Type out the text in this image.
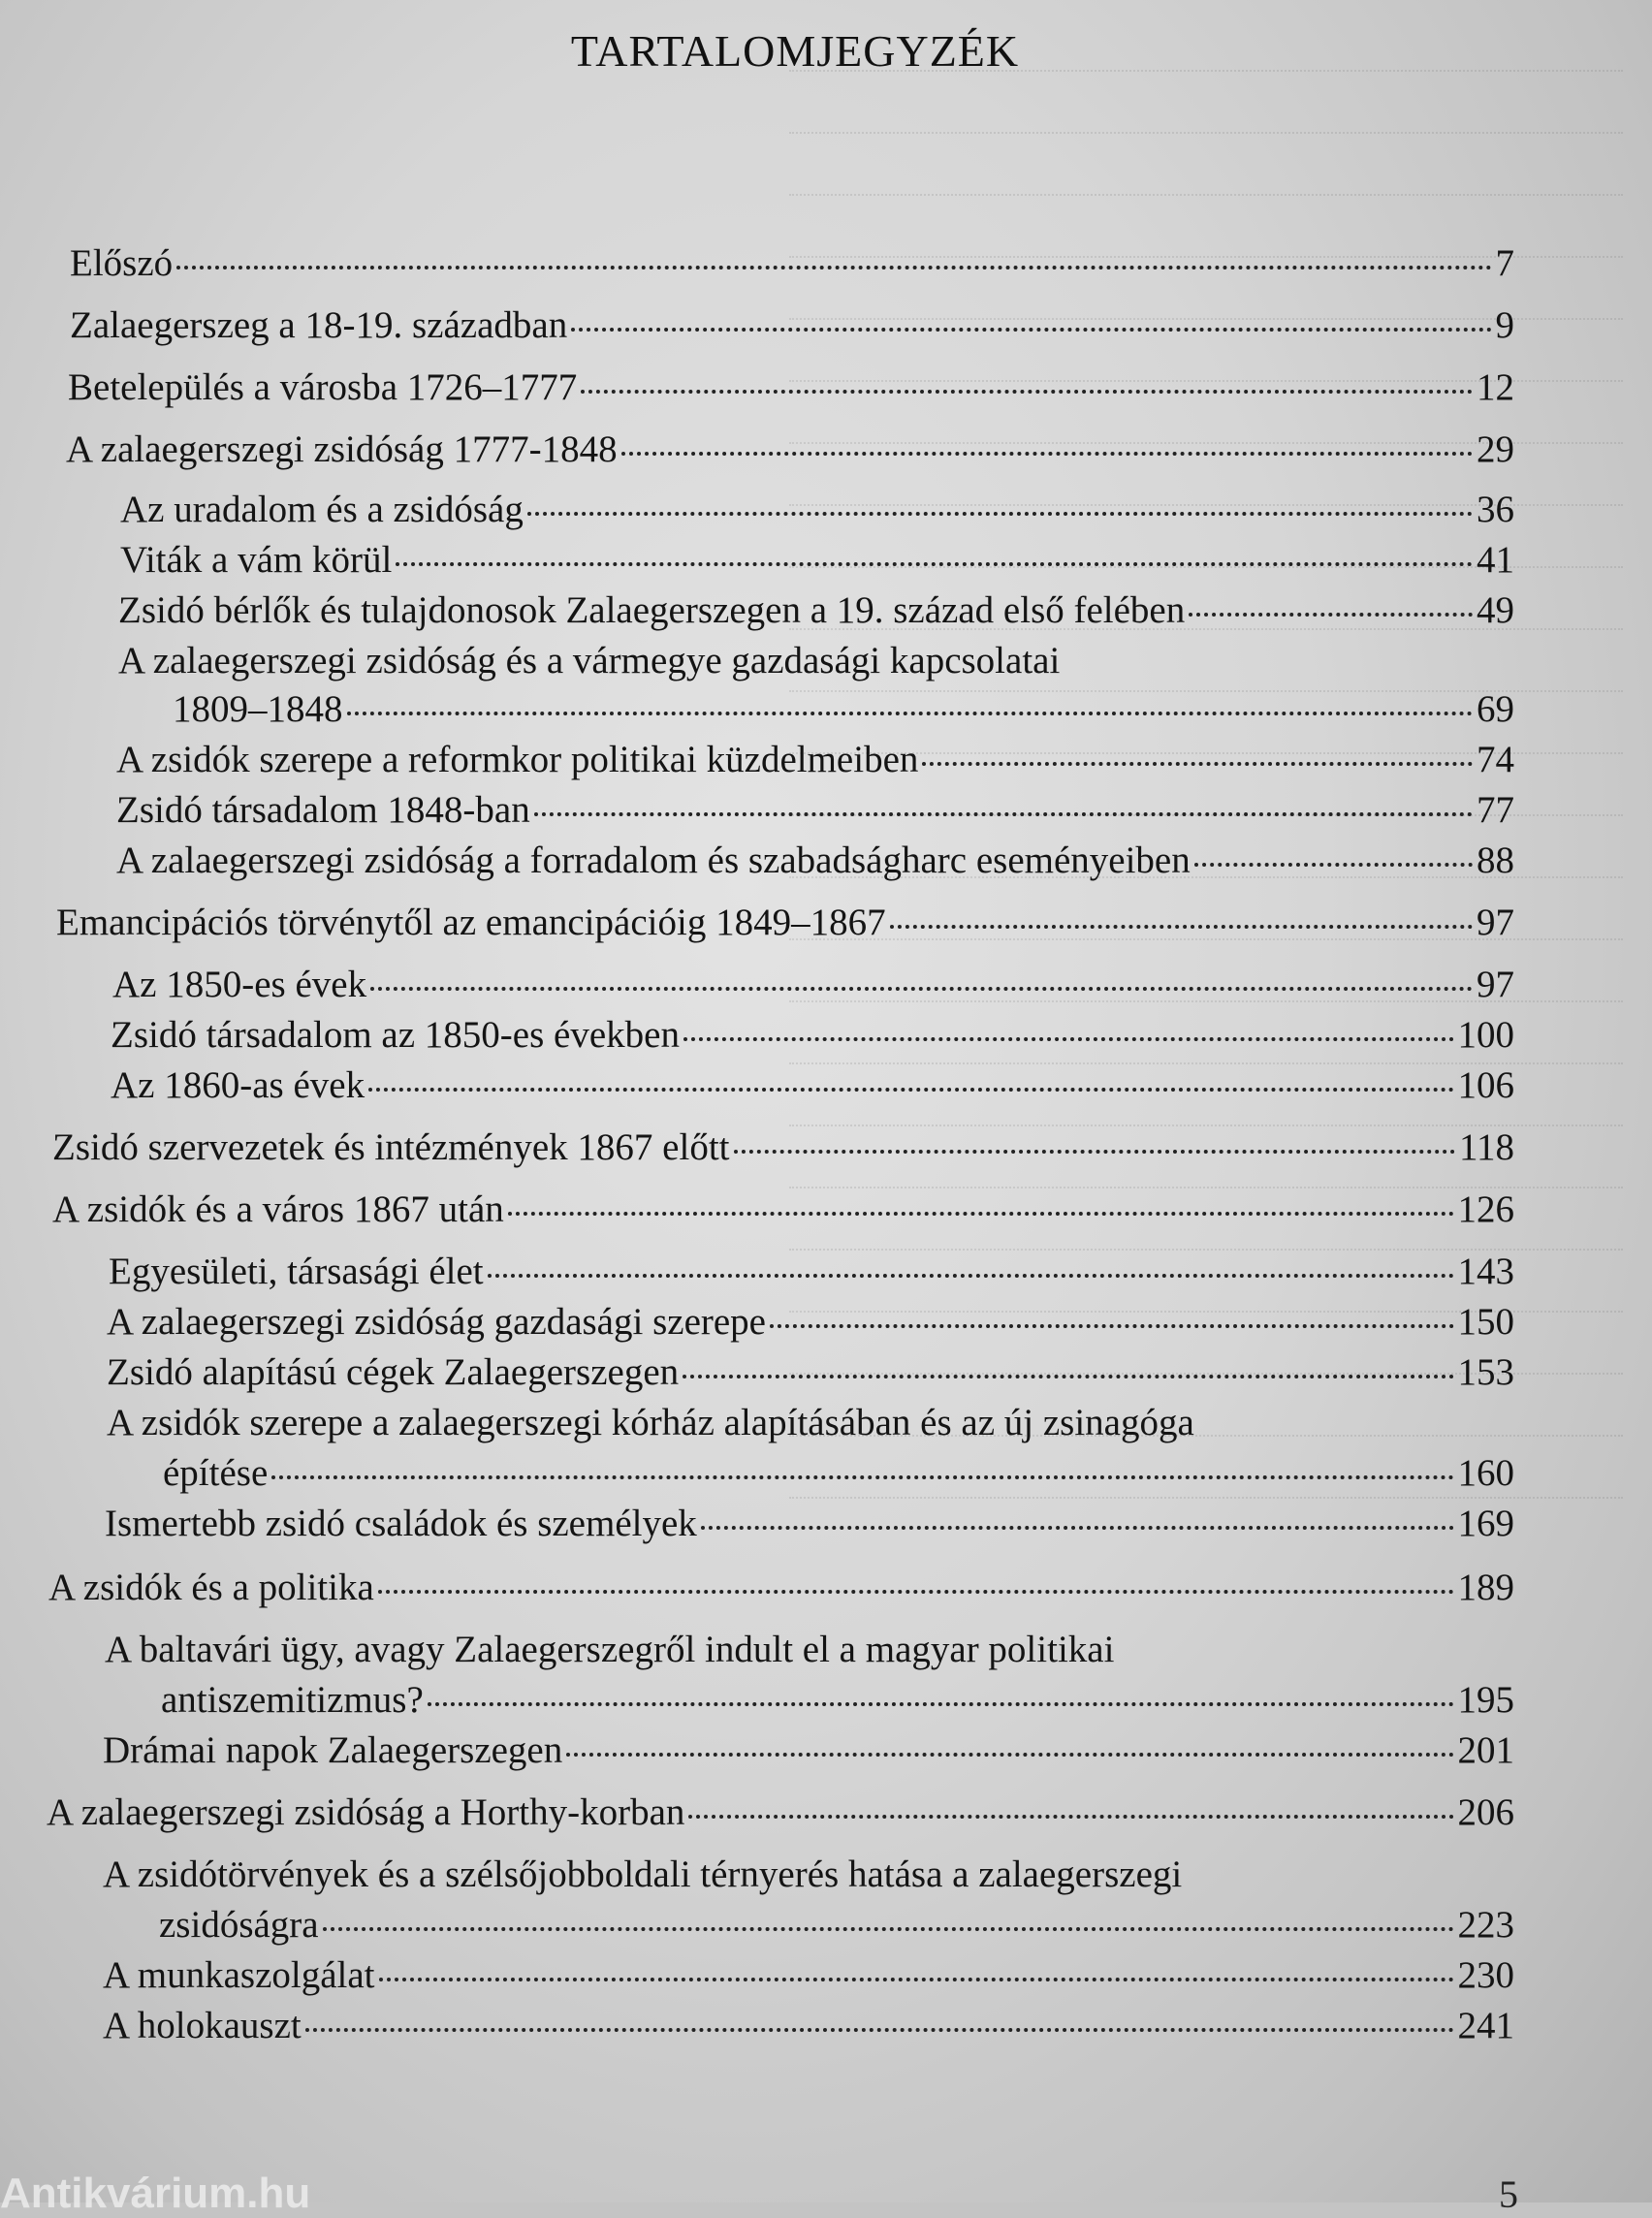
TARTALOMJEGYZÉK
Előszó	7
Zalaegerszeg a 18-19. században	9
Betelepülés a városba 1726–1777	12
A zalaegerszegi zsidóság 1777-1848	29
Az uradalom és a zsidóság	36
Viták a vám körül	41
Zsidó bérlők és tulajdonosok Zalaegerszegen a 19. század első felében	49
A zalaegerszegi zsidóság és a vármegye gazdasági kapcsolatai
1809–1848	69
A zsidók szerepe a reformkor politikai küzdelmeiben	74
Zsidó társadalom 1848-ban	77
A zalaegerszegi zsidóság a forradalom és szabadságharc eseményeiben	88
Emancipációs törvénytől az emancipációig 1849–1867	97
Az 1850-es évek	97
Zsidó társadalom az 1850-es években	100
Az 1860-as évek	106
Zsidó szervezetek és intézmények 1867 előtt	118
A zsidók és a város 1867 után	126
Egyesületi, társasági élet	143
A zalaegerszegi zsidóság gazdasági szerepe	150
Zsidó alapítású cégek Zalaegerszegen	153
A zsidók szerepe a zalaegerszegi kórház alapításában és az új zsinagóga
építése	160
Ismertebb zsidó családok és személyek	169
A zsidók és a politika	189
A baltavári ügy, avagy Zalaegerszegről indult el a magyar politikai
antiszemitizmus?	195
Drámai napok Zalaegerszegen	201
A zalaegerszegi zsidóság a Horthy-korban	206
A zsidótörvények és a szélsőjobboldali térnyerés hatása a zalaegerszegi
zsidóságra	223
A munkaszolgálat	230
A holokauszt	241
Antikvárium.hu	5
